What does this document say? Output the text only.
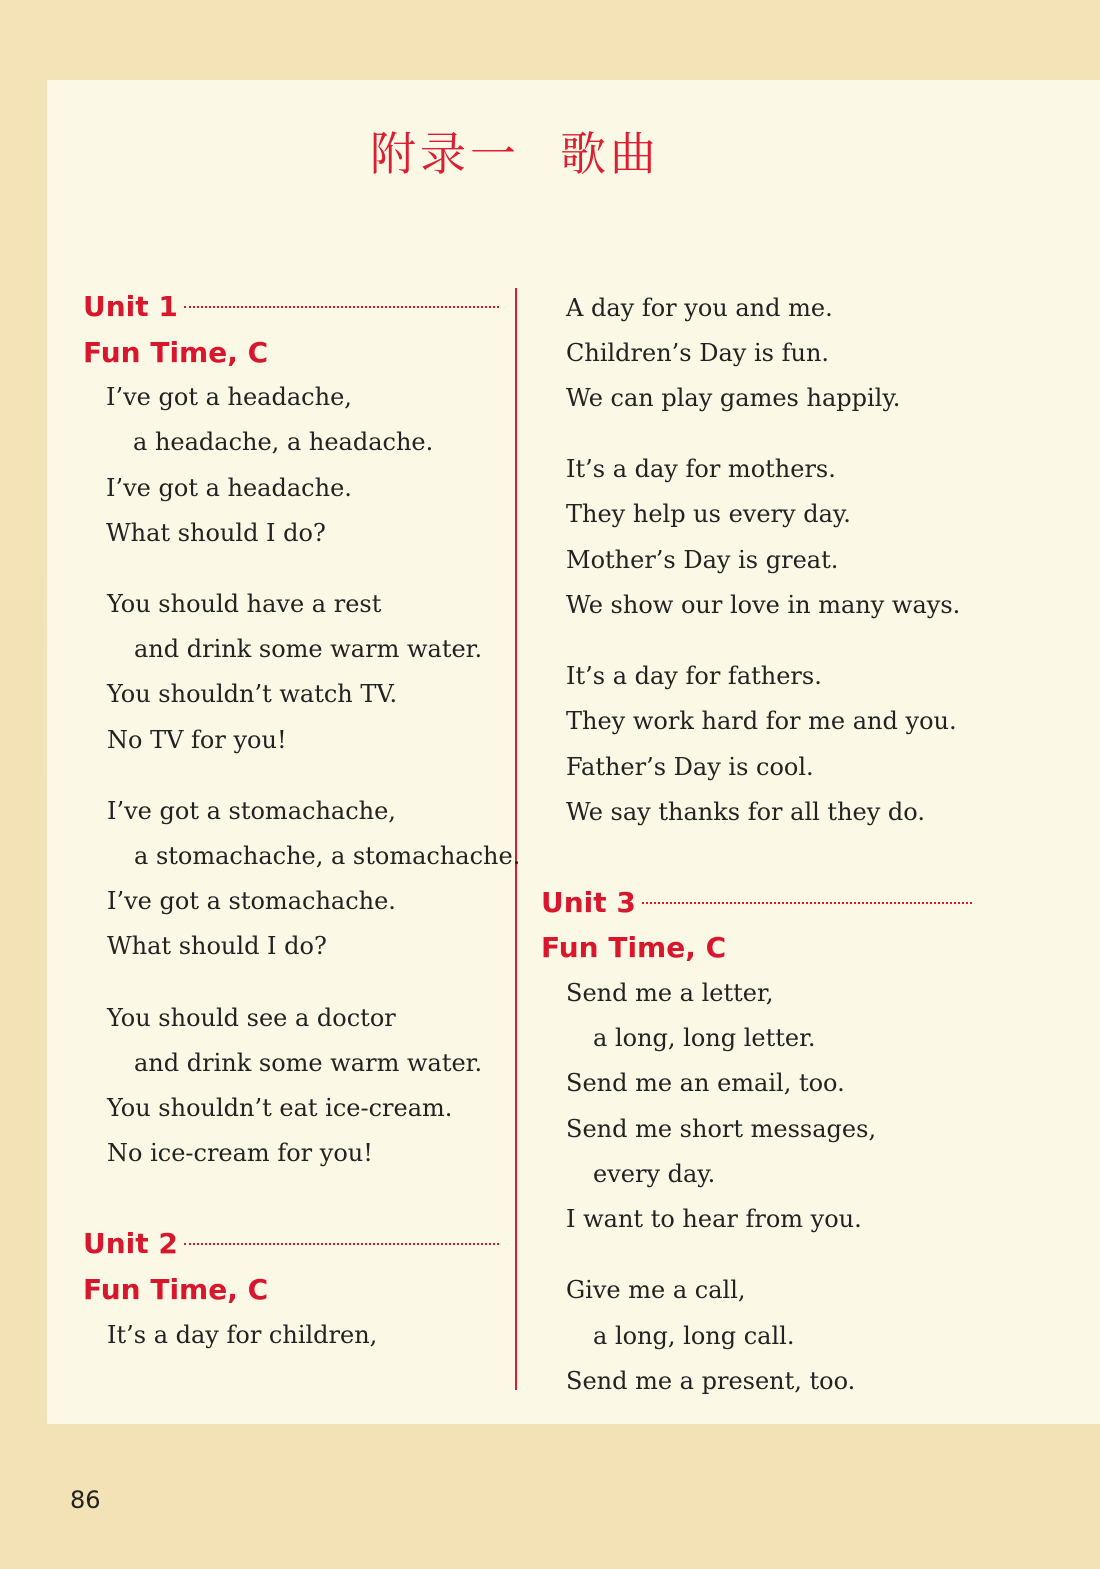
附录一 歌曲
Unit 1
Fun Time, C
I’ve got a headache,
a headache, a headache.
I’ve got a headache.
What should I do?
You should have a rest
and drink some warm water.
You shouldn’t watch TV.
No TV for you!
I’ve got a stomachache,
a stomachache, a stomachache.
I’ve got a stomachache.
What should I do?
You should see a doctor
and drink some warm water.
You shouldn’t eat ice-cream.
No ice-cream for you!
Unit 2
Fun Time, C
It’s a day for children,
A day for you and me.
Children’s Day is fun.
We can play games happily.
It’s a day for mothers.
They help us every day.
Mother’s Day is great.
We show our love in many ways.
It’s a day for fathers.
They work hard for me and you.
Father’s Day is cool.
We say thanks for all they do.
Unit 3
Fun Time, C
Send me a letter,
a long, long letter.
Send me an email, too.
Send me short messages,
every day.
I want to hear from you.
Give me a call,
a long, long call.
Send me a present, too.
86
